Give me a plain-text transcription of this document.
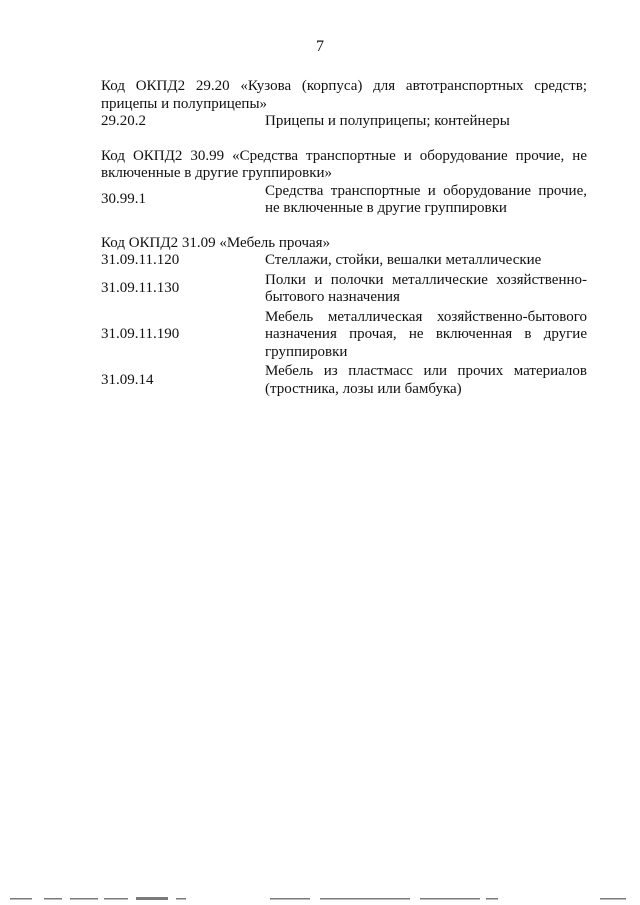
7

Код ОКПД2 29.20 «Кузова (корпуса) для автотранспортных средств; прицепы и полуприцепы»

29.20.2	Прицепы и полуприцепы; контейнеры

Код ОКПД2 30.99 «Средства транспортные и оборудование прочие, не включенные в другие группировки»

30.99.1
Средства транспортные и оборудование прочие, не включенные в другие группировки

Код ОКПД2 31.09 «Мебель прочая»

31.09.11.120	Стеллажи, стойки, вешалки металлические
31.09.11.130
Полки и полочки металлические хозяйственно-бытового назначения
31.09.11.190
Мебель металлическая хозяйственно-бытового назначения прочая, не включенная в другие группировки
31.09.14
Мебель из пластмасс или прочих материалов (тростника, лозы или бамбука)
